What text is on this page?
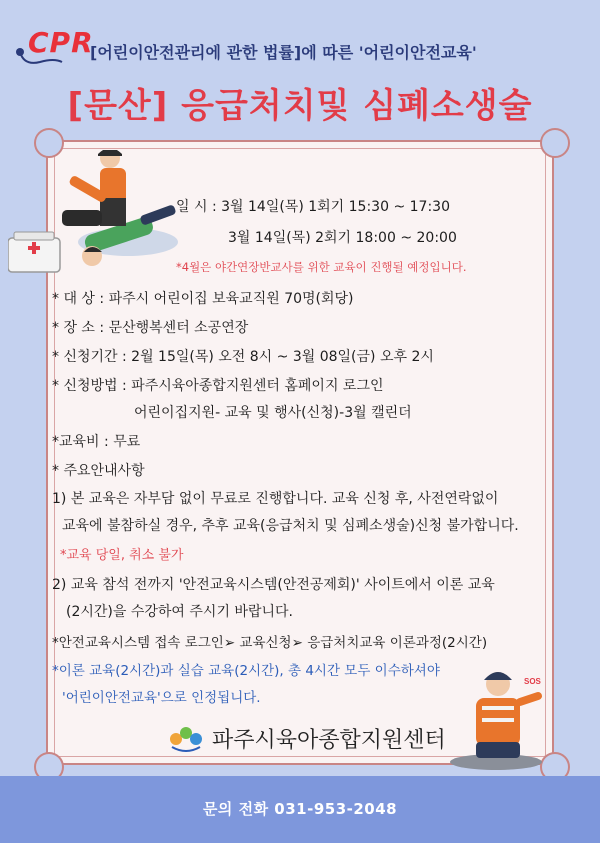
CPR
[어린이안전관리에 관한 법률]에 따른 '어린이안전교육'
[문산] 응급처치및 심폐소생술
일 시 : 3월 14일(목) 1회기 15:30 ~ 17:30
3월 14일(목) 2회기 18:00 ~ 20:00
*4월은 야간연장반교사를 위한 교육이 진행될 예정입니다.
* 대 상 : 파주시 어린이집 보육교직원 70명(회당)
* 장 소 : 문산행복센터 소공연장
* 신청기간 : 2월 15일(목) 오전 8시 ~ 3월 08일(금) 오후 2시
* 신청방법 : 파주시육아종합지원센터 홈페이지 로그인
어린이집지원- 교육 및 행사(신청)-3월 캘린더
*교육비 : 무료
* 주요안내사항
1) 본 교육은 자부담 없이 무료로 진행합니다. 교육 신청 후, 사전연락없이
교육에 불참하실 경우, 추후 교육(응급처치 및 심폐소생술)신청 불가합니다.
*교육 당일, 취소 불가
2) 교육 참석 전까지 '안전교육시스템(안전공제회)' 사이트에서 이론 교육
(2시간)을 수강하여 주시기 바랍니다.
*안전교육시스템 접속 로그인➢ 교육신청➢ 응급처치교육 이론과정(2시간)
*이론 교육(2시간)과 실습 교육(2시간), 총 4시간 모두 이수하셔야
'어린이안전교육'으로 인정됩니다.
SOS
파주시육아종합지원센터
문의 전화 031-953-2048
